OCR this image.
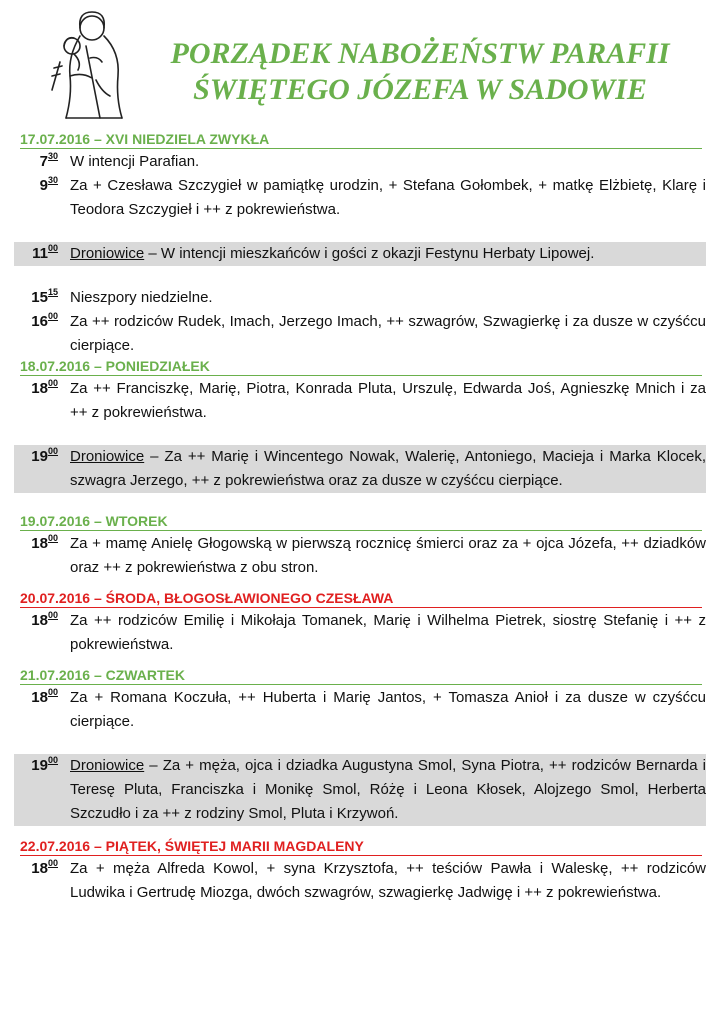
PORZĄDEK NABOŻEŃSTW PARAFII
ŚWIĘTEGO JÓZEFA W SADOWIE
17.07.2016 – XVI NIEDZIELA ZWYKŁA
$7^{30}$ W intencji Parafian.
$9^{30}$ Za + Czesława Szczygieł w pamiątkę urodzin, + Stefana Gołombek, + matkę Elżbietę, Klarę i Teodora Szczygieł i ++ z pokrewieństwa.
$11^{00}$ Droniowice – W intencji mieszkańców i gości z okazji Festynu Herbaty Lipowej.
$15^{15}$ Nieszpory niedzielne.
$16^{00}$ Za ++ rodziców Rudek, Imach, Jerzego Imach, ++ szwagrów, Szwagierkę i za dusze w czyśćcu cierpiące.
18.07.2016 – PONIEDZIAŁEK
$18^{00}$ Za ++ Franciszkę, Marię, Piotra, Konrada Pluta, Urszulę, Edwarda Joś, Agnieszkę Mnich i za ++ z pokrewieństwa.
$19^{00}$ Droniowice – Za ++ Marię i Wincentego Nowak, Walerię, Antoniego, Macieja i Marka Klocek, szwagra Jerzego, ++ z pokrewieństwa oraz za dusze w czyśćcu cierpiące.
19.07.2016 – WTOREK
$18^{00}$ Za + mamę Anielę Głogowską w pierwszą rocznicę śmierci oraz za + ojca Józefa, ++ dziadków oraz ++ z pokrewieństwa z obu stron.
20.07.2016 – ŚRODA, BŁOGOSŁAWIONEGO CZESŁAWA
$18^{00}$ Za ++ rodziców Emilię i Mikołaja Tomanek, Marię i Wilhelma Pietrek, siostrę Stefanię i ++ z pokrewieństwa.
21.07.2016 – CZWARTEK
$18^{00}$ Za + Romana Koczuła, ++ Huberta i Marię Jantos, + Tomasza Anioł i za dusze w czyśćcu cierpiące.
$19^{00}$ Droniowice – Za + męża, ojca i dziadka Augustyna Smol, Syna Piotra, ++ rodziców Bernarda i Teresę Pluta, Franciszka i Monikę Smol, Różę i Leona Kłosek, Alojzego Smol, Herberta Szczudło i za ++ z rodziny Smol, Pluta i Krzywoń.
22.07.2016 – PIĄTEK, ŚWIĘTEJ MARII MAGDALENY
$18^{00}$ Za + męża Alfreda Kowol, + syna Krzysztofa, ++ teściów Pawła i Waleskę, ++ rodziców Ludwika i Gertrudę Miozga, dwóch szwagrów, szwagierkę Jadwigę i ++ z pokrewieństwa.
